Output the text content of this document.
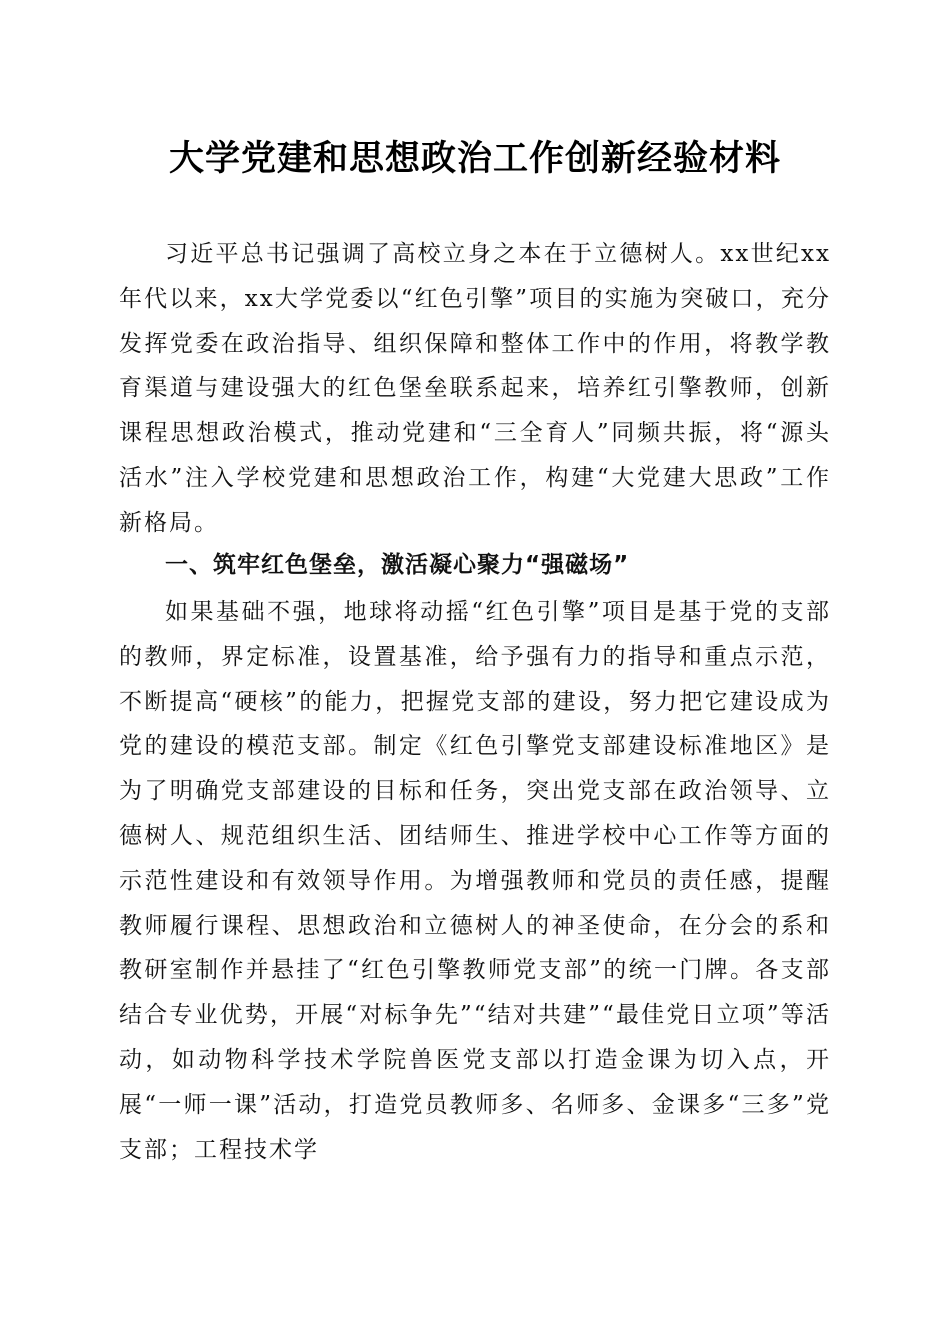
大学党建和思想政治工作创新经验材料

习近平总书记强调了高校立身之本在于立德树人。xx世纪xx年代以来，xx大学党委以“红色引擎”项目的实施为突破口，充分发挥党委在政治指导、组织保障和整体工作中的作用，将教学教育渠道与建设强大的红色堡垒联系起来，培养红引擎教师，创新课程思想政治模式，推动党建和“三全育人”同频共振，将“源头活水”注入学校党建和思想政治工作，构建“大党建大思政”工作新格局。

一、筑牢红色堡垒，激活凝心聚力“强磁场”

如果基础不强，地球将动摇“红色引擎”项目是基于党的支部的教师，界定标准，设置基准，给予强有力的指导和重点示范，不断提高“硬核”的能力，把握党支部的建设，努力把它建设成为党的建设的模范支部。制定《红色引擎党支部建设标准地区》是为了明确党支部建设的目标和任务，突出党支部在政治领导、立德树人、规范组织生活、团结师生、推进学校中心工作等方面的示范性建设和有效领导作用。为增强教师和党员的责任感，提醒教师履行课程、思想政治和立德树人的神圣使命，在分会的系和教研室制作并悬挂了“红色引擎教师党支部”的统一门牌。各支部结合专业优势，开展“对标争先”“结对共建”“最佳党日立项”等活动，如动物科学技术学院兽医党支部以打造金课为切入点，开展“一师一课”活动，打造党员教师多、名师多、金课多“三多”党支部；工程技术学
